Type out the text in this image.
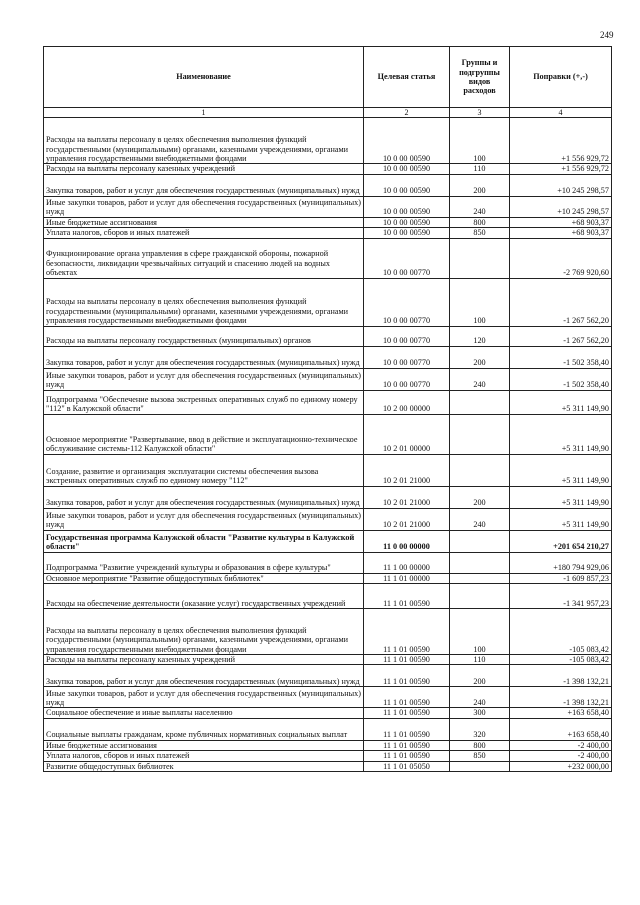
249
Наименование	Целевая статья	Группы и подгруппы видов расходов	Поправки (+,-)
1	2	3	4
Расходы на выплаты персоналу в целях обеспечения выполнения функций государственными (муниципальными) органами, казенными учреждениями, органами управления государственными внебюджетными фондами	10 0 00 00590	100	+1 556 929,72
Расходы на выплаты персоналу казенных учреждений	10 0 00 00590	110	+1 556 929,72
Закупка товаров, работ и услуг для обеспечения государственных (муниципальных) нужд	10 0 00 00590	200	+10 245 298,57
Иные закупки товаров, работ и услуг для обеспечения государственных (муниципальных) нужд	10 0 00 00590	240	+10 245 298,57
Иные бюджетные ассигнования	10 0 00 00590	800	+68 903,37
Уплата налогов, сборов и иных платежей	10 0 00 00590	850	+68 903,37
Функционирование органа управления в сфере гражданской обороны, пожарной безопасности, ликвидации чрезвычайных ситуаций и спасению людей на водных объектах	10 0 00 00770		-2 769 920,60
Расходы на выплаты персоналу в целях обеспечения выполнения функций государственными (муниципальными) органами, казенными учреждениями, органами управления государственными внебюджетными фондами	10 0 00 00770	100	-1 267 562,20
Расходы на выплаты персоналу государственных (муниципальных) органов	10 0 00 00770	120	-1 267 562,20
Закупка товаров, работ и услуг для обеспечения государственных (муниципальных) нужд	10 0 00 00770	200	-1 502 358,40
Иные закупки товаров, работ и услуг для обеспечения государственных (муниципальных) нужд	10 0 00 00770	240	-1 502 358,40
Подпрограмма "Обеспечение вызова экстренных оперативных служб по единому номеру "112" в Калужской области"	10 2 00 00000		+5 311 149,90
Основное мероприятие "Развертывание, ввод в действие и эксплуатационно-техническое обслуживание системы-112 Калужской области"	10 2 01 00000		+5 311 149,90
Создание, развитие и организация эксплуатации системы обеспечения вызова экстренных оперативных служб по единому номеру "112"	10 2 01 21000		+5 311 149,90
Закупка товаров, работ и услуг для обеспечения государственных (муниципальных) нужд	10 2 01 21000	200	+5 311 149,90
Иные закупки товаров, работ и услуг для обеспечения государственных (муниципальных) нужд	10 2 01 21000	240	+5 311 149,90
Государственная программа Калужской области "Развитие культуры в Калужской области"	11 0 00 00000		+201 654 210,27
Подпрограмма "Развитие учреждений культуры и образования в сфере культуры"	11 1 00 00000		+180 794 929,06
Основное мероприятие "Развитие общедоступных библиотек"	11 1 01 00000		-1 609 857,23
Расходы на обеспечение деятельности (оказание услуг) государственных учреждений	11 1 01 00590		-1 341 957,23
Расходы на выплаты персоналу в целях обеспечения выполнения функций государственными (муниципальными) органами, казенными учреждениями, органами управления государственными внебюджетными фондами	11 1 01 00590	100	-105 083,42
Расходы на выплаты персоналу казенных учреждений	11 1 01 00590	110	-105 083,42
Закупка товаров, работ и услуг для обеспечения государственных (муниципальных) нужд	11 1 01 00590	200	-1 398 132,21
Иные закупки товаров, работ и услуг для обеспечения государственных (муниципальных) нужд	11 1 01 00590	240	-1 398 132,21
Социальное обеспечение и иные выплаты населению	11 1 01 00590	300	+163 658,40
Социальные выплаты гражданам, кроме публичных нормативных социальных выплат	11 1 01 00590	320	+163 658,40
Иные бюджетные ассигнования	11 1 01 00590	800	-2 400,00
Уплата налогов, сборов и иных платежей	11 1 01 00590	850	-2 400,00
Развитие общедоступных библиотек	11 1 01 05050		+232 000,00
